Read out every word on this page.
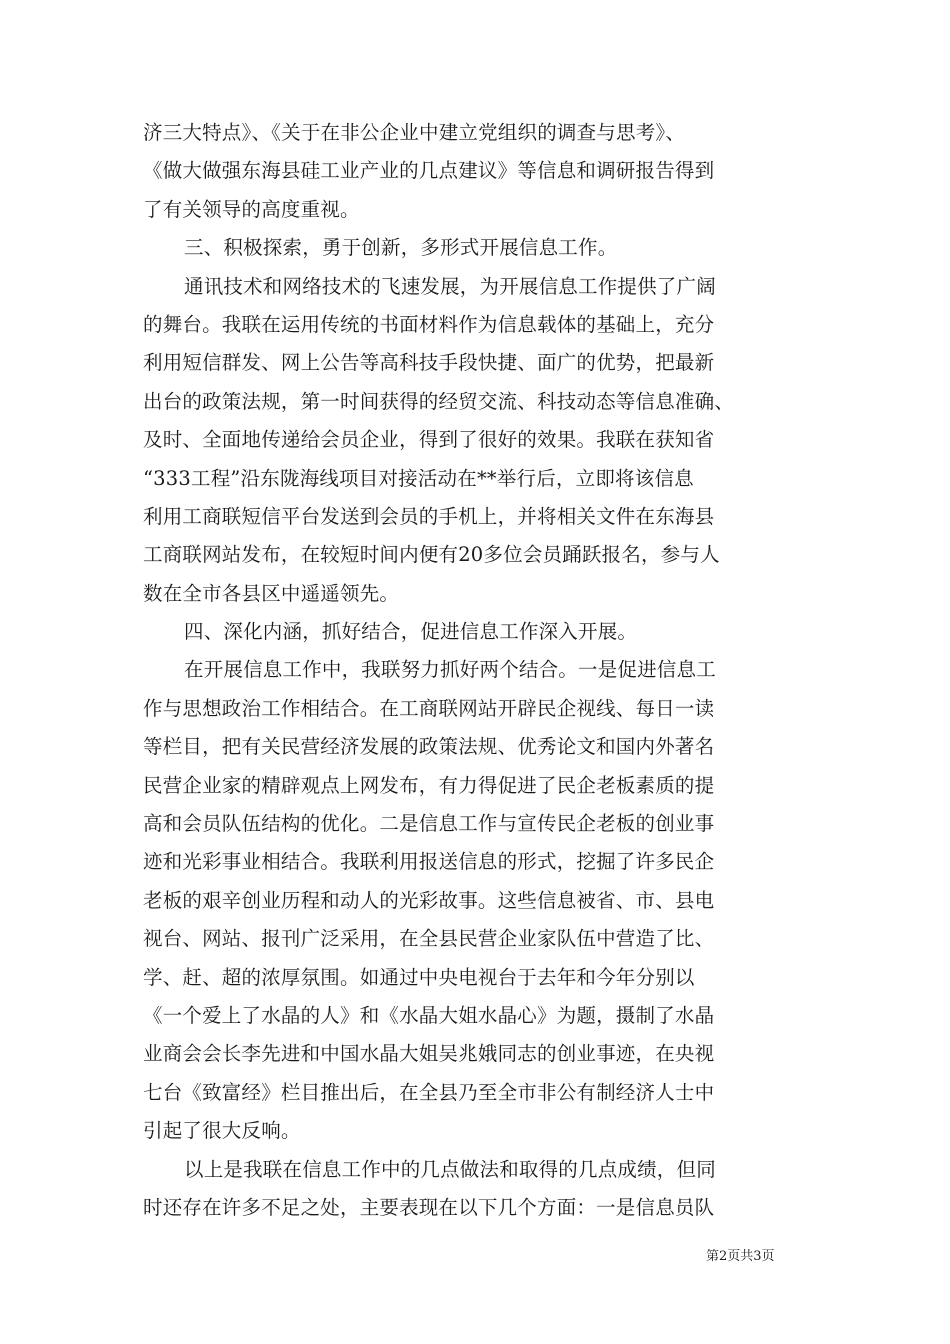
济三大特点》、《关于在非公企业中建立党组织的调查与思考》、
《做大做强东海县硅工业产业的几点建议》等信息和调研报告得到
了有关领导的高度重视。
三、积极探索，勇于创新，多形式开展信息工作。
通讯技术和网络技术的飞速发展，为开展信息工作提供了广阔
的舞台。我联在运用传统的书面材料作为信息载体的基础上，充分
利用短信群发、网上公告等高科技手段快捷、面广的优势，把最新
出台的政策法规，第一时间获得的经贸交流、科技动态等信息准确、
及时、全面地传递给会员企业，得到了很好的效果。我联在获知省
“333工程”沿东陇海线项目对接活动在**举行后，立即将该信息
利用工商联短信平台发送到会员的手机上，并将相关文件在东海县
工商联网站发布，在较短时间内便有20多位会员踊跃报名，参与人
数在全市各县区中遥遥领先。
四、深化内涵，抓好结合，促进信息工作深入开展。
在开展信息工作中，我联努力抓好两个结合。一是促进信息工
作与思想政治工作相结合。在工商联网站开辟民企视线、每日一读
等栏目，把有关民营经济发展的政策法规、优秀论文和国内外著名
民营企业家的精辟观点上网发布，有力得促进了民企老板素质的提
高和会员队伍结构的优化。二是信息工作与宣传民企老板的创业事
迹和光彩事业相结合。我联利用报送信息的形式，挖掘了许多民企
老板的艰辛创业历程和动人的光彩故事。这些信息被省、市、县电
视台、网站、报刊广泛采用，在全县民营企业家队伍中营造了比、
学、赶、超的浓厚氛围。如通过中央电视台于去年和今年分别以
《一个爱上了水晶的人》和《水晶大姐水晶心》为题，摄制了水晶
业商会会长李先进和中国水晶大姐吴兆娥同志的创业事迹，在央视
七台《致富经》栏目推出后，在全县乃至全市非公有制经济人士中
引起了很大反响。
以上是我联在信息工作中的几点做法和取得的几点成绩，但同
时还存在许多不足之处，主要表现在以下几个方面：一是信息员队
第2页共3页
